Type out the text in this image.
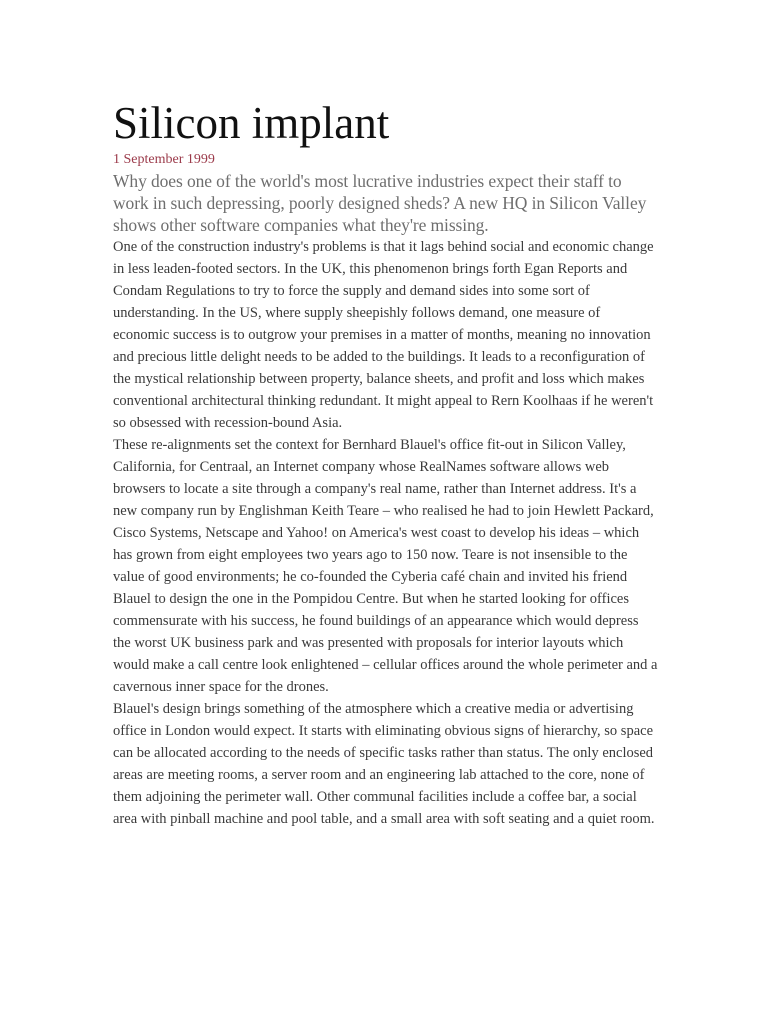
Silicon implant
1 September 1999
Why does one of the world's most lucrative industries expect their staff to work in such depressing, poorly designed sheds? A new HQ in Silicon Valley shows other software companies what they're missing.

One of the construction industry's problems is that it lags behind social and economic change in less leaden-footed sectors. In the UK, this phenomenon brings forth Egan Reports and Condam Regulations to try to force the supply and demand sides into some sort of understanding. In the US, where supply sheepishly follows demand, one measure of economic success is to outgrow your premises in a matter of months, meaning no innovation and precious little delight needs to be added to the buildings. It leads to a reconfiguration of the mystical relationship between property, balance sheets, and profit and loss which makes conventional architectural thinking redundant. It might appeal to Rern Koolhaas if he weren't so obsessed with recession-bound Asia.

These re-alignments set the context for Bernhard Blauel's office fit-out in Silicon Valley, California, for Centraal, an Internet company whose RealNames software allows web browsers to locate a site through a company's real name, rather than Internet address. It's a new company run by Englishman Keith Teare – who realised he had to join Hewlett Packard, Cisco Systems, Netscape and Yahoo! on America's west coast to develop his ideas – which has grown from eight employees two years ago to 150 now. Teare is not insensible to the value of good environments; he co-founded the Cyberia café chain and invited his friend Blauel to design the one in the Pompidou Centre. But when he started looking for offices commensurate with his success, he found buildings of an appearance which would depress the worst UK business park and was presented with proposals for interior layouts which would make a call centre look enlightened – cellular offices around the whole perimeter and a cavernous inner space for the drones.

Blauel's design brings something of the atmosphere which a creative media or advertising office in London would expect. It starts with eliminating obvious signs of hierarchy, so space can be allocated according to the needs of specific tasks rather than status. The only enclosed areas are meeting rooms, a server room and an engineering lab attached to the core, none of them adjoining the perimeter wall. Other communal facilities include a coffee bar, a social area with pinball machine and pool table, and a small area with soft seating and a quiet room.
